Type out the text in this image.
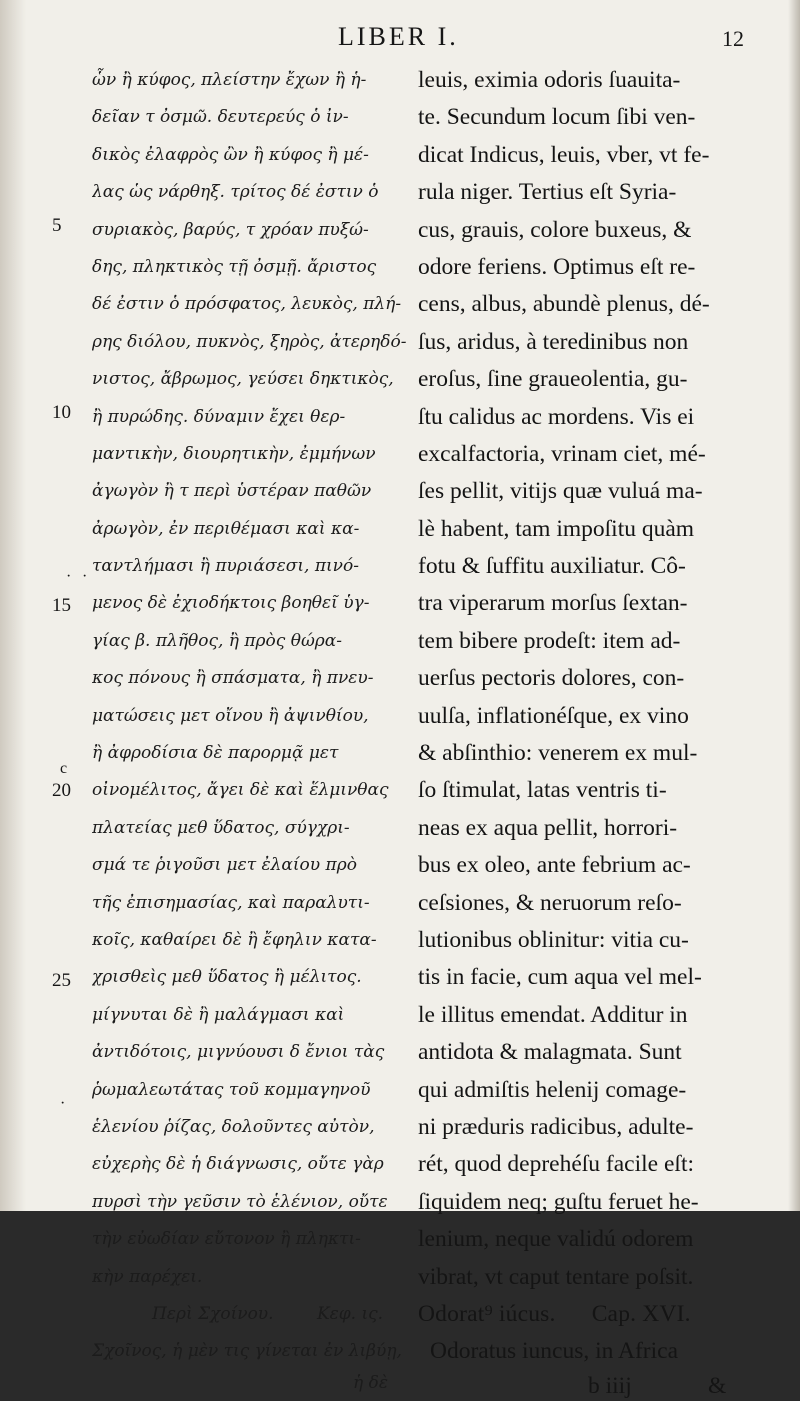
LIBER I.	12
5
10
15
20
25
· ·
c
·
ὧν ἢ κύφος, πλείστην ἔχων ἢ ἡ-
δεῖαν τ ὀσμῶ. δευτερεύς ὁ ἰν-
δικὸς ἐλαφρὸς ὢν ἢ κύφος ἢ μέ-
λας ὡς νάρθηξ. τρίτος δέ ἐστιν ὁ
συριακὸς, βαρύς, τ χρόαν πυξώ-
δης, πληκτικὸς τῇ ὀσμῇ. ἄριστος
δέ ἐστιν ὁ πρόσφατος, λευκὸς, πλή-
ρης διόλου, πυκνὸς, ξηρὸς, ἀτερηδό-
νιστος, ἄβρωμος, γεύσει δηκτικὸς,
ἢ πυρώδης. δύναμιν ἔχει θερ-
μαντικὴν, διουρητικὴν, ἐμμήνων
ἀγωγὸν ἢ τ περὶ ὑστέραν παθῶν
ἀρωγὸν, ἐν περιθέμασι καὶ κα-
ταντλήμασι ἢ πυριάσεσι, πινό-
μενος δὲ ἐχιοδήκτοις βοηθεῖ ὑγ-
γίας β. πλῆθος, ἢ πρὸς θώρα-
κος πόνους ἢ σπάσματα, ἢ πνευ-
ματώσεις μετ οἴνου ἢ ἀψινθίου,
ἢ ἀφροδίσια δὲ παρορμᾷ μετ
οἰνομέλιτος, ἄγει δὲ καὶ ἕλμινθας
πλατείας μεθ ὕδατος, σύγχρι-
σμά τε ῥιγοῦσι μετ ἐλαίου πρὸ
τῆς ἐπισημασίας, καὶ παραλυτι-
κοῖς, καθαίρει δὲ ἢ ἔφηλιν κατα-
χρισθεὶς μεθ ὕδατος ἢ μέλιτος.
μίγνυται δὲ ἢ μαλάγμασι καὶ
ἀντιδότοις, μιγνύουσι δ ἔνιοι τὰς
ῥωμαλεωτάτας τοῦ κομμαγηνοῦ
ἑλενίου ῥίζας, δολοῦντες αὐτὸν,
εὐχερὴς δὲ ἡ διάγνωσις, οὔτε γὰρ
πυρσὶ τὴν γεῦσιν τὸ ἑλένιον, οὔτε
τὴν εὐωδίαν εὔτονον ἢ πληκτι-
κὴν παρέχει.
Περὶ Σχοίνου.	Κεφ. ις.
Σχοῖνος, ἡ μὲν τις γίνεται ἐν λιβύῃ,
ἡ δὲ
leuis, eximia odoris ſuauita-
te. Secundum locum ſibi ven-
dicat Indicus, leuis, vber, vt fe-
rula niger. Tertius eſt Syria-
cus, grauis, colore buxeus, &
odore feriens. Optimus eſt re-
cens, albus, abundè plenus, dé-
ſus, aridus, à teredinibus non
eroſus, ſine graueolentia, gu-
ſtu calidus ac mordens. Vis ei
excalfactoria, vrinam ciet, mé-
ſes pellit, vitijs quæ vuluá ma-
lè habent, tam impoſitu quàm
fotu & ſuffitu auxiliatur. Cô-
tra viperarum morſus ſextan-
tem bibere prodeſt: item ad-
uerſus pectoris dolores, con-
uulſa, inflationéſque, ex vino
& abſinthio: venerem ex mul-
ſo ſtimulat, latas ventris ti-
neas ex aqua pellit, horrori-
bus ex oleo, ante febrium ac-
ceſsiones, & neruorum reſo-
lutionibus oblinitur: vitia cu-
tis in facie, cum aqua vel mel-
le illitus emendat. Additur in
antidota & malagmata. Sunt
qui admiſtis helenij comage-
ni præduris radicibus, adulte-
rét, quod deprehéſu facile eſt:
ſiquidem neq; guſtu feruet he-
lenium, neque validú odorem
vibrat, vt caput tentare poſsit.
Odorat⁹ iúcus. Cap. XVI.
Odoratus iuncus, in Africa
b iiij	&
